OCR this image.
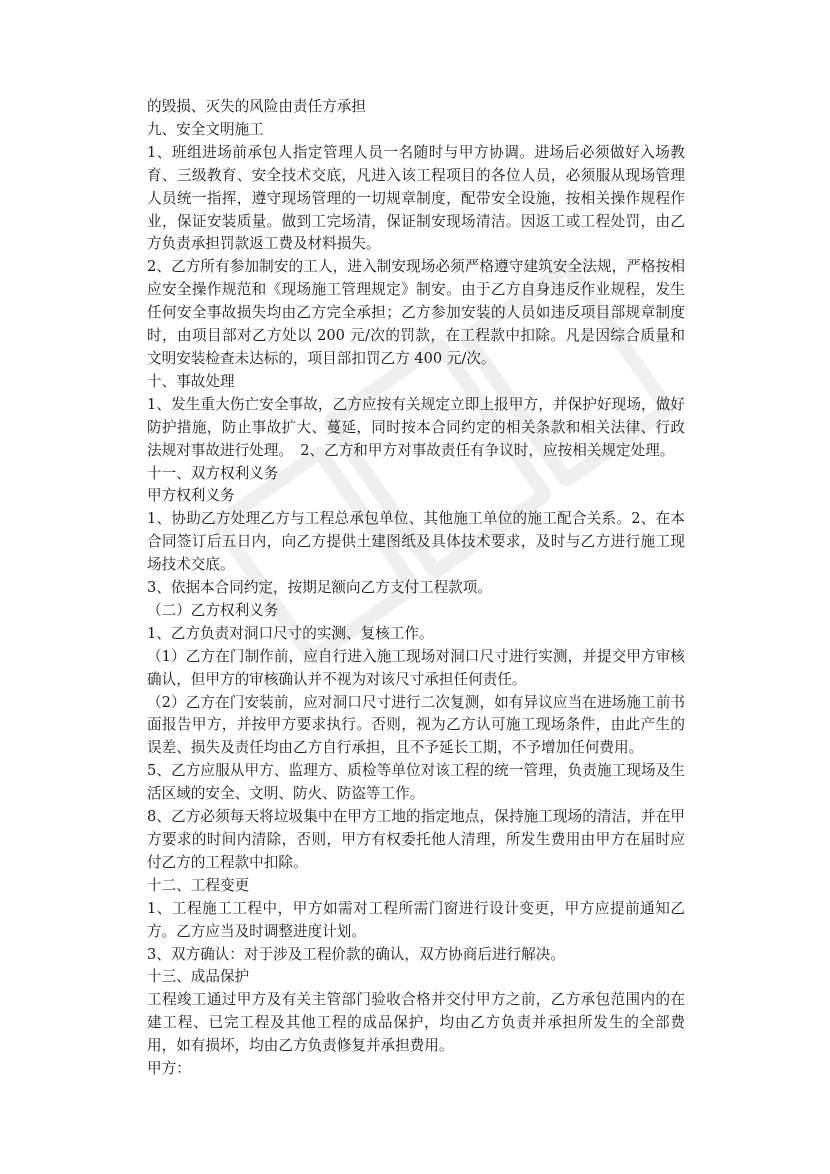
的毁损、灭失的风险由责任方承担

九、安全文明施工

1、班组进场前承包人指定管理人员一名随时与甲方协调。进场后必须做好入场教育、三级教育、安全技术交底，凡进入该工程项目的各位人员，必须服从现场管理人员统一指挥，遵守现场管理的一切规章制度，配带安全设施，按相关操作规程作业，保证安装质量。做到工完场清，保证制安现场清洁。因返工或工程处罚，由乙方负责承担罚款返工费及材料损失。

2、乙方所有参加制安的工人，进入制安现场必须严格遵守建筑安全法规，严格按相应安全操作规范和《现场施工管理规定》制安。由于乙方自身违反作业规程，发生任何安全事故损失均由乙方完全承担；乙方参加安装的人员如违反项目部规章制度时，由项目部对乙方处以 200 元/次的罚款，在工程款中扣除。凡是因综合质量和文明安装检查未达标的，项目部扣罚乙方 400 元/次。

十、事故处理

1、发生重大伤亡安全事故，乙方应按有关规定立即上报甲方，并保护好现场，做好防护措施，防止事故扩大、蔓延，同时按本合同约定的相关条款和相关法律、行政法规对事故进行处理。　2、乙方和甲方对事故责任有争议时，应按相关规定处理。

十一、双方权利义务

甲方权利义务

1、协助乙方处理乙方与工程总承包单位、其他施工单位的施工配合关系。2、在本合同签订后五日内，向乙方提供土建图纸及具体技术要求，及时与乙方进行施工现场技术交底。

3、依据本合同约定，按期足额向乙方支付工程款项。

（二）乙方权利义务

1、乙方负责对洞口尺寸的实测、复核工作。

（1）乙方在门制作前，应自行进入施工现场对洞口尺寸进行实测，并提交甲方审核确认，但甲方的审核确认并不视为对该尺寸承担任何责任。

（2）乙方在门安装前，应对洞口尺寸进行二次复测，如有异议应当在进场施工前书面报告甲方，并按甲方要求执行。否则，视为乙方认可施工现场条件，由此产生的误差、损失及责任均由乙方自行承担，且不予延长工期，不予增加任何费用。

5、乙方应服从甲方、监理方、质检等单位对该工程的统一管理，负责施工现场及生活区域的安全、文明、防火、防盗等工作。

8、乙方必须每天将垃圾集中在甲方工地的指定地点，保持施工现场的清洁，并在甲方要求的时间内清除，否则，甲方有权委托他人清理，所发生费用由甲方在届时应付乙方的工程款中扣除。

十二、工程变更

1、工程施工工程中，甲方如需对工程所需门窗进行设计变更，甲方应提前通知乙方。乙方应当及时调整进度计划。

3、双方确认：对于涉及工程价款的确认，双方协商后进行解决。

十三、成品保护

工程竣工通过甲方及有关主管部门验收合格并交付甲方之前，乙方承包范围内的在建工程、已完工程及其他工程的成品保护，均由乙方负责并承担所发生的全部费用，如有损坏，均由乙方负责修复并承担费用。

甲方：
